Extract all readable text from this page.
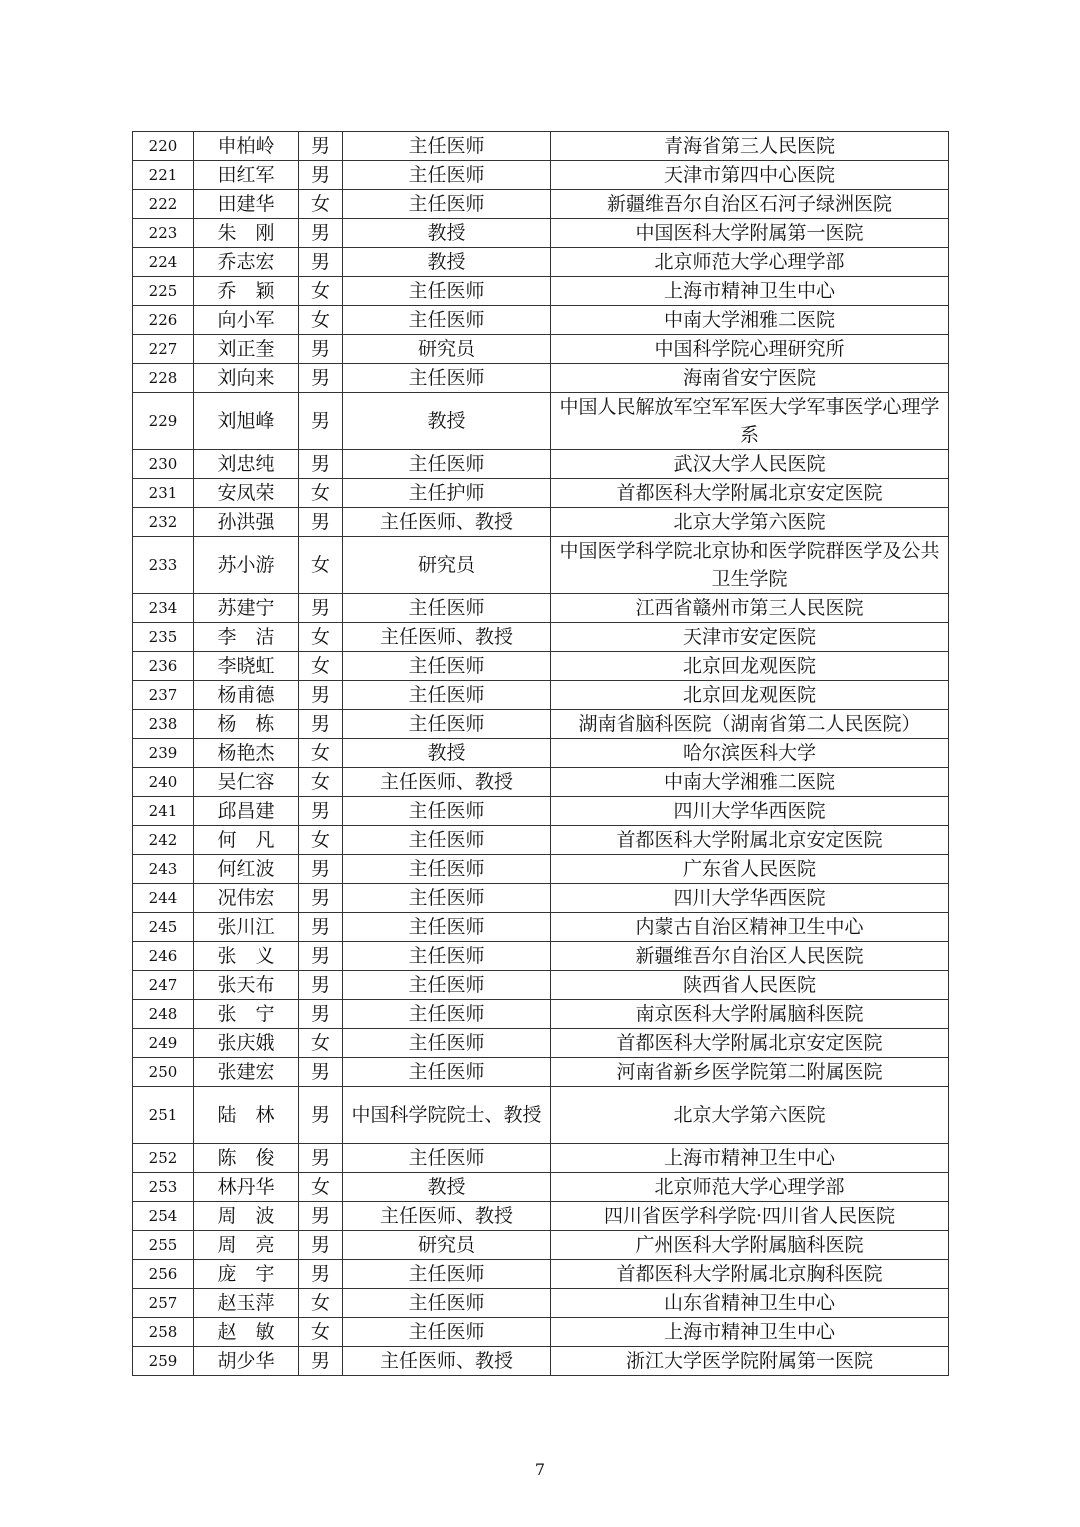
220	申柏岭	男	主任医师	青海省第三人民医院
221	田红军	男	主任医师	天津市第四中心医院
222	田建华	女	主任医师	新疆维吾尔自治区石河子绿洲医院
223	朱　刚	男	教授	中国医科大学附属第一医院
224	乔志宏	男	教授	北京师范大学心理学部
225	乔　颖	女	主任医师	上海市精神卫生中心
226	向小军	女	主任医师	中南大学湘雅二医院
227	刘正奎	男	研究员	中国科学院心理研究所
228	刘向来	男	主任医师	海南省安宁医院
229	刘旭峰	男	教授	中国人民解放军空军军医大学军事医学心理学系
230	刘忠纯	男	主任医师	武汉大学人民医院
231	安凤荣	女	主任护师	首都医科大学附属北京安定医院
232	孙洪强	男	主任医师、教授	北京大学第六医院
233	苏小游	女	研究员	中国医学科学院北京协和医学院群医学及公共卫生学院
234	苏建宁	男	主任医师	江西省赣州市第三人民医院
235	李　洁	女	主任医师、教授	天津市安定医院
236	李晓虹	女	主任医师	北京回龙观医院
237	杨甫德	男	主任医师	北京回龙观医院
238	杨　栋	男	主任医师	湖南省脑科医院（湖南省第二人民医院）
239	杨艳杰	女	教授	哈尔滨医科大学
240	吴仁容	女	主任医师、教授	中南大学湘雅二医院
241	邱昌建	男	主任医师	四川大学华西医院
242	何　凡	女	主任医师	首都医科大学附属北京安定医院
243	何红波	男	主任医师	广东省人民医院
244	况伟宏	男	主任医师	四川大学华西医院
245	张川江	男	主任医师	内蒙古自治区精神卫生中心
246	张　义	男	主任医师	新疆维吾尔自治区人民医院
247	张天布	男	主任医师	陕西省人民医院
248	张　宁	男	主任医师	南京医科大学附属脑科医院
249	张庆娥	女	主任医师	首都医科大学附属北京安定医院
250	张建宏	男	主任医师	河南省新乡医学院第二附属医院
251	陆　林	男	中国科学院院士、教授	北京大学第六医院
252	陈　俊	男	主任医师	上海市精神卫生中心
253	林丹华	女	教授	北京师范大学心理学部
254	周　波	男	主任医师、教授	四川省医学科学院·四川省人民医院
255	周　亮	男	研究员	广州医科大学附属脑科医院
256	庞　宇	男	主任医师	首都医科大学附属北京胸科医院
257	赵玉萍	女	主任医师	山东省精神卫生中心
258	赵　敏	女	主任医师	上海市精神卫生中心
259	胡少华	男	主任医师、教授	浙江大学医学院附属第一医院
7
